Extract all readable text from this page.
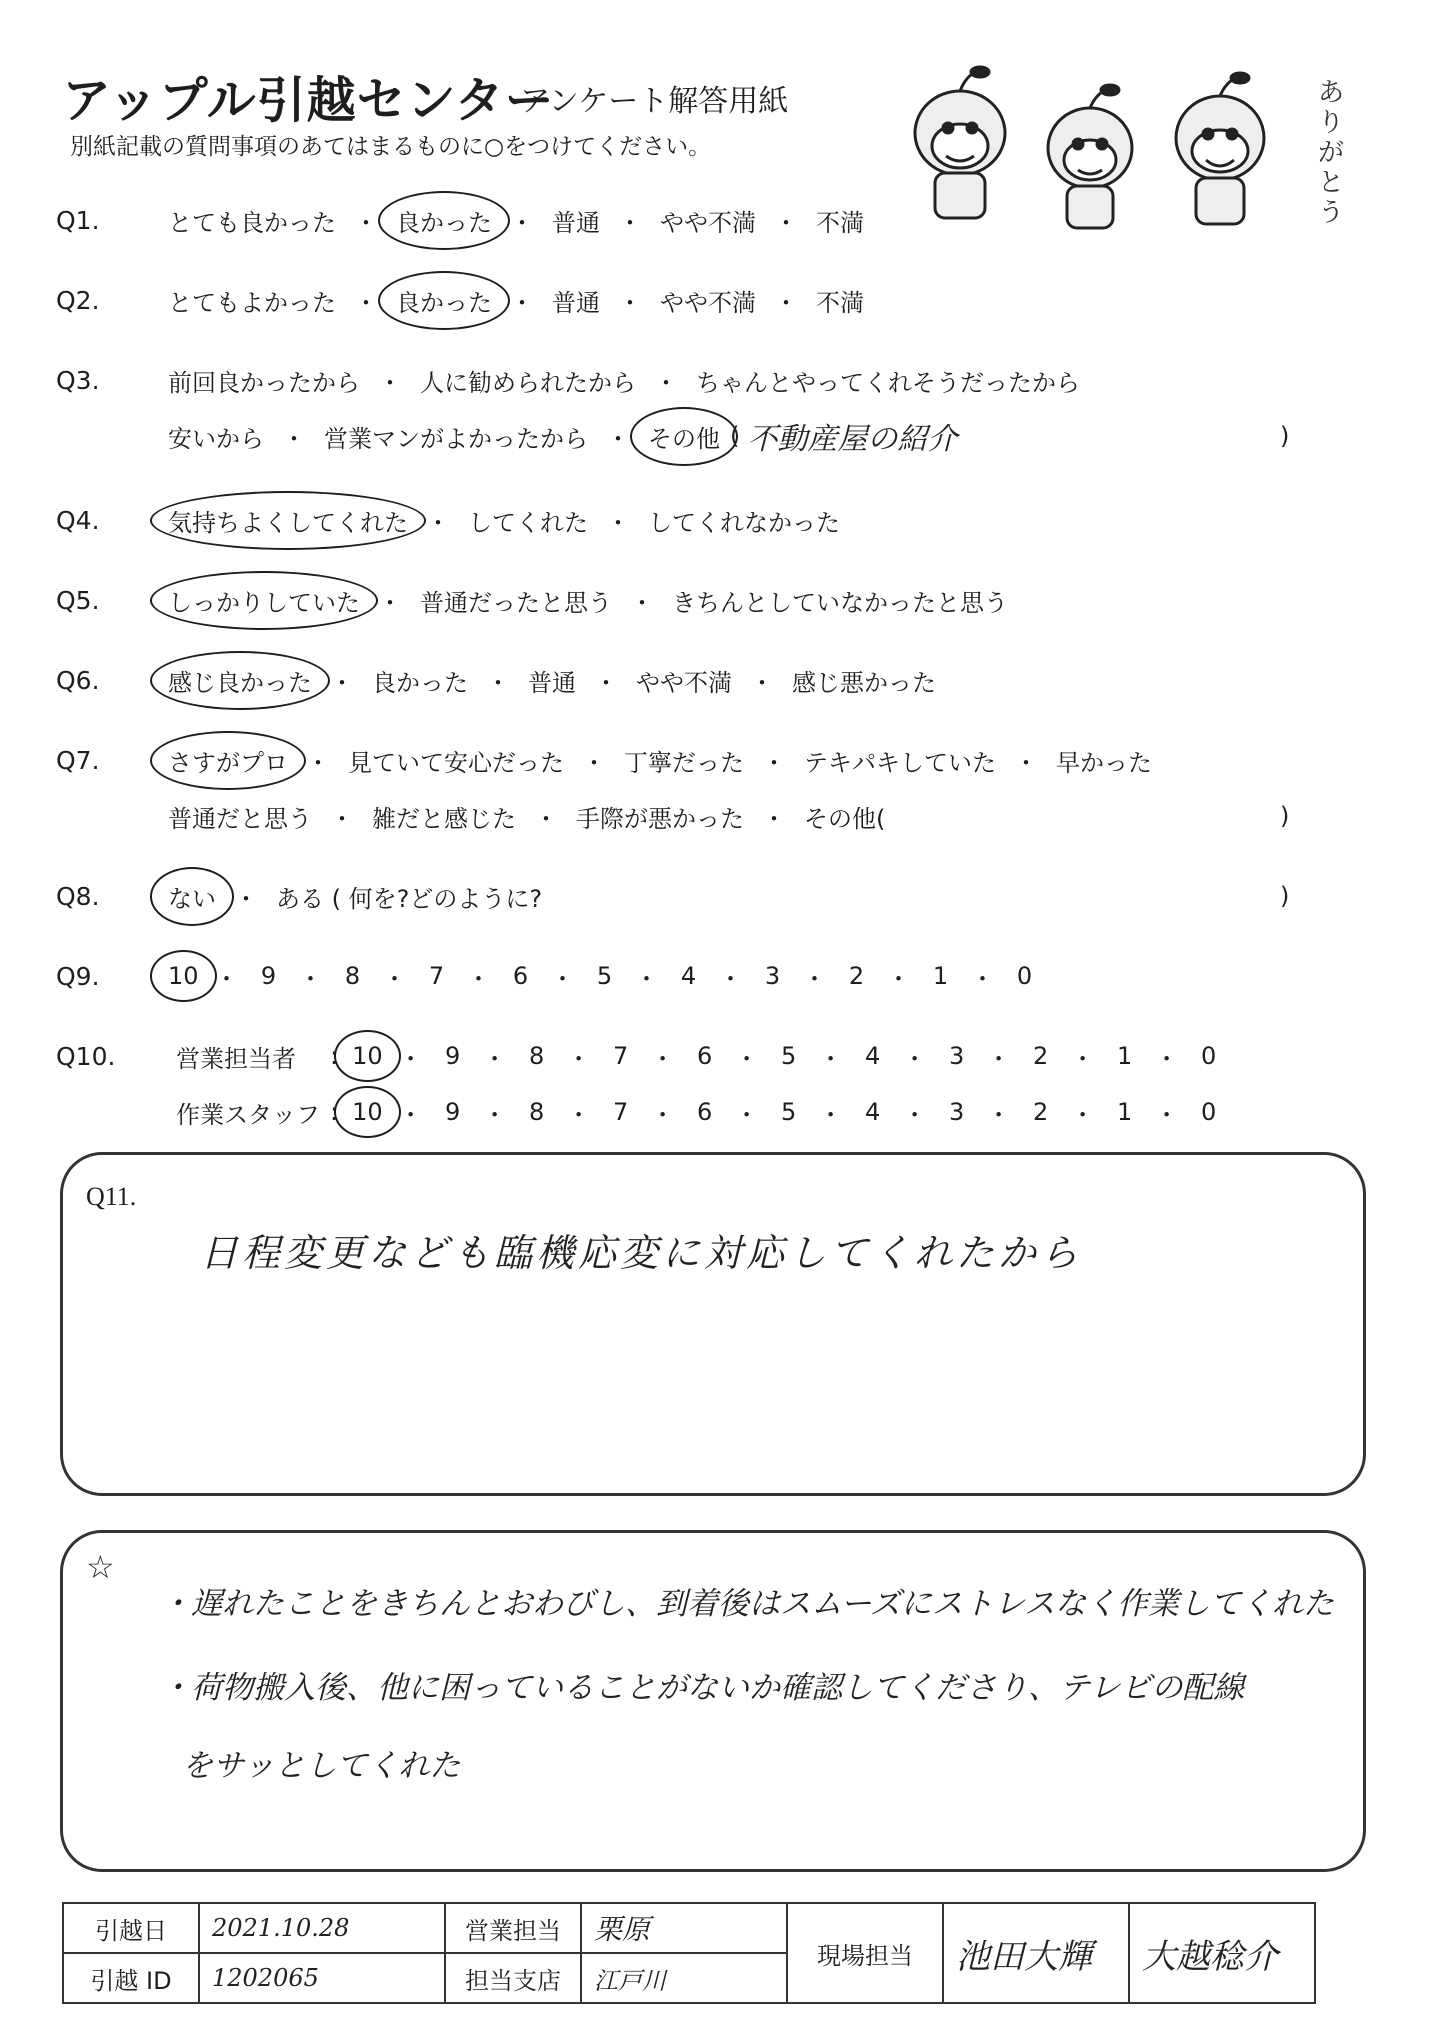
アップル引越センター
アンケート解答用紙
別紙記載の質問事項のあてはまるものに○をつけてください。
ありがとう
Q1.	とても良かった ・ 良かった ・ 普通 ・ やや不満 ・ 不満
Q2.	とてもよかった ・ 良かった ・ 普通 ・ やや不満 ・ 不満
Q3.	前回良かったから ・ 人に勧められたから ・ ちゃんとやってくれそうだったから
安いから ・ 営業マンがよかったから ・ その他 ( 不動産屋の紹介	)
Q4.	気持ちよくしてくれた ・ してくれた ・ してくれなかった
Q5.	しっかりしていた ・ 普通だったと思う ・ きちんとしていなかったと思う
Q6.	感じ良かった ・ 良かった ・ 普通 ・ やや不満 ・ 感じ悪かった
Q7.	さすがプロ ・ 見ていて安心だった ・ 丁寧だった ・ テキパキしていた ・ 早かった
普通だと思う ・ 雑だと感じた ・ 手際が悪かった ・ その他(	)
Q8.	ない ・ ある ( 何を?どのように?	)
Q9.	10 ・ 9 ・ 8 ・ 7 ・ 6 ・ 5 ・ 4 ・ 3 ・ 2 ・ 1 ・ 0
Q10.	営業担当者	: 10 ・ 9 ・ 8 ・ 7 ・ 6 ・ 5 ・ 4 ・ 3 ・ 2 ・ 1 ・ 0
作業スタッフ : 10 ・ 9 ・ 8 ・ 7 ・ 6 ・ 5 ・ 4 ・ 3 ・ 2 ・ 1 ・ 0
Q11.
日程変更なども臨機応変に対応してくれたから
☆
・遅れたことをきちんとおわびし、到着後はスムーズにストレスなく作業してくれた
・荷物搬入後、他に困っていることがないか確認してくださり、テレビの配線
をサッとしてくれた
引越日	2021.10.28	営業担当	栗原	現場担当	池田大輝	大越稔介
引越 ID	1202065	担当支店	江戸川			
